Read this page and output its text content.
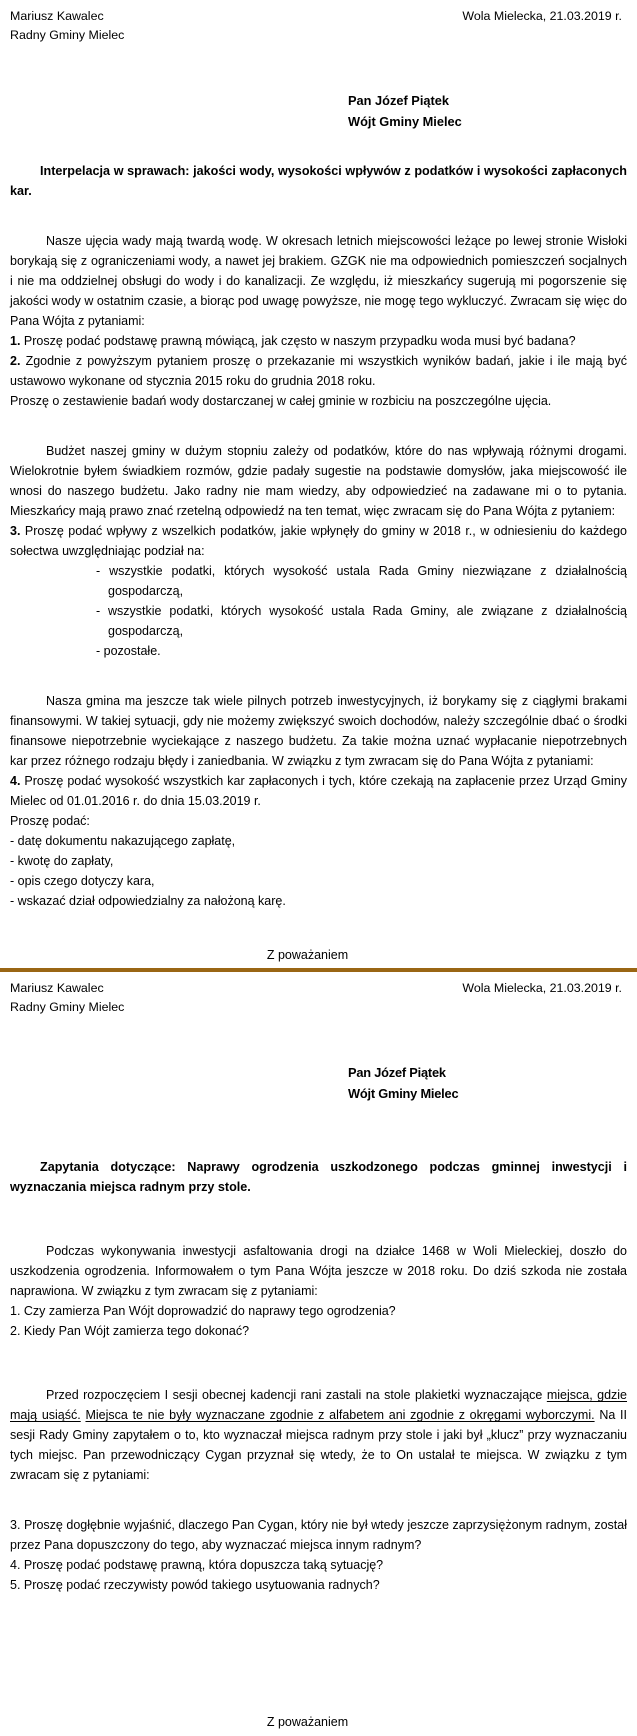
Mariusz Kawalec
Radny Gminy Mielec
Wola Mielecka, 21.03.2019 r.
Pan Józef Piątek
Wójt Gminy Mielec
Interpelacja w sprawach: jakości wody, wysokości wpływów z podatków i wysokości zapłaconych kar.

Nasze ujęcia wady mają twardą wodę. W okresach letnich miejscowości leżące po lewej stronie Wisłoki borykają się z ograniczeniami wody, a nawet jej brakiem. GZGK nie ma odpowiednich pomieszczeń socjalnych i nie ma oddzielnej obsługi do wody i do kanalizacji. Ze względu, iż mieszkańcy sugerują mi pogorszenie się jakości wody w ostatnim czasie, a biorąc pod uwagę powyższe, nie mogę tego wykluczyć. Zwracam się więc do Pana Wójta z pytaniami:

1. Proszę podać podstawę prawną mówiącą, jak często w naszym przypadku woda musi być badana?

2. Zgodnie z powyższym pytaniem proszę o przekazanie mi wszystkich wyników badań, jakie i ile mają być ustawowo wykonane od stycznia 2015 roku do grudnia 2018 roku.

Proszę o zestawienie badań wody dostarczanej w całej gminie w rozbiciu na poszczególne ujęcia.

Budżet naszej gminy w dużym stopniu zależy od podatków, które do nas wpływają różnymi drogami. Wielokrotnie byłem świadkiem rozmów, gdzie padały sugestie na podstawie domysłów, jaka miejscowość ile wnosi do naszego budżetu. Jako radny nie mam wiedzy, aby odpowiedzieć na zadawane mi o to pytania. Mieszkańcy mają prawo znać rzetelną odpowiedź na ten temat, więc zwracam się do Pana Wójta z pytaniem:

3. Proszę podać wpływy z wszelkich podatków, jakie wpłynęły do gminy w 2018 r., w odniesieniu do każdego sołectwa uwzględniając podział na:

- wszystkie podatki, których wysokość ustala Rada Gminy niezwiązane z działalnością gospodarczą,
- wszystkie podatki, których wysokość ustala Rada Gminy, ale związane z działalnością gospodarczą,
- pozostałe.

Nasza gmina ma jeszcze tak wiele pilnych potrzeb inwestycyjnych, iż borykamy się z ciągłymi brakami finansowymi. W takiej sytuacji, gdy nie możemy zwiększyć swoich dochodów, należy szczególnie dbać o środki finansowe niepotrzebnie wyciekające z naszego budżetu. Za takie można uznać wypłacanie niepotrzebnych kar przez różnego rodzaju błędy i zaniedbania. W związku z tym zwracam się do Pana Wójta z pytaniami:

4. Proszę podać wysokość wszystkich kar zapłaconych i tych, które czekają na zapłacenie przez Urząd Gminy Mielec od 01.01.2016 r. do dnia 15.03.2019 r.

Proszę podać:

- datę dokumentu nakazującego zapłatę,
- kwotę do zapłaty,
- opis czego dotyczy kara,
- wskazać dział odpowiedzialny za nałożoną karę.
Z poważaniem
Mariusz Kawalec
Radny Gminy Mielec
Wola Mielecka, 21.03.2019 r.
Pan Józef Piątek
Wójt Gminy Mielec
Zapytania dotyczące: Naprawy ogrodzenia uszkodzonego podczas gminnej inwestycji i wyznaczania miejsca radnym przy stole.

Podczas wykonywania inwestycji asfaltowania drogi na działce 1468 w Woli Mieleckiej, doszło do uszkodzenia ogrodzenia. Informowałem o tym Pana Wójta jeszcze w 2018 roku. Do dziś szkoda nie została naprawiona. W związku z tym zwracam się z pytaniami:

1. Czy zamierza Pan Wójt doprowadzić do naprawy tego ogrodzenia?

2. Kiedy Pan Wójt zamierza tego dokonać?

Przed rozpoczęciem I sesji obecnej kadencji rani zastali na stole plakietki wyznaczające miejsca, gdzie mają usiąść. Miejsca te nie były wyznaczane zgodnie z alfabetem ani zgodnie z okręgami wyborczymi. Na II sesji Rady Gminy zapytałem o to, kto wyznaczał miejsca radnym przy stole i jaki był „klucz” przy wyznaczaniu tych miejsc. Pan przewodniczący Cygan przyznał się wtedy, że to On ustalał te miejsca. W związku z tym zwracam się z pytaniami:

3. Proszę dogłębnie wyjaśnić, dlaczego Pan Cygan, który nie był wtedy jeszcze zaprzysiężonym radnym, został przez Pana dopuszczony do tego, aby wyznaczać miejsca innym radnym?

4. Proszę podać podstawę prawną, która dopuszcza taką sytuację?

5. Proszę podać rzeczywisty powód takiego usytuowania radnych?

Z poważaniem
